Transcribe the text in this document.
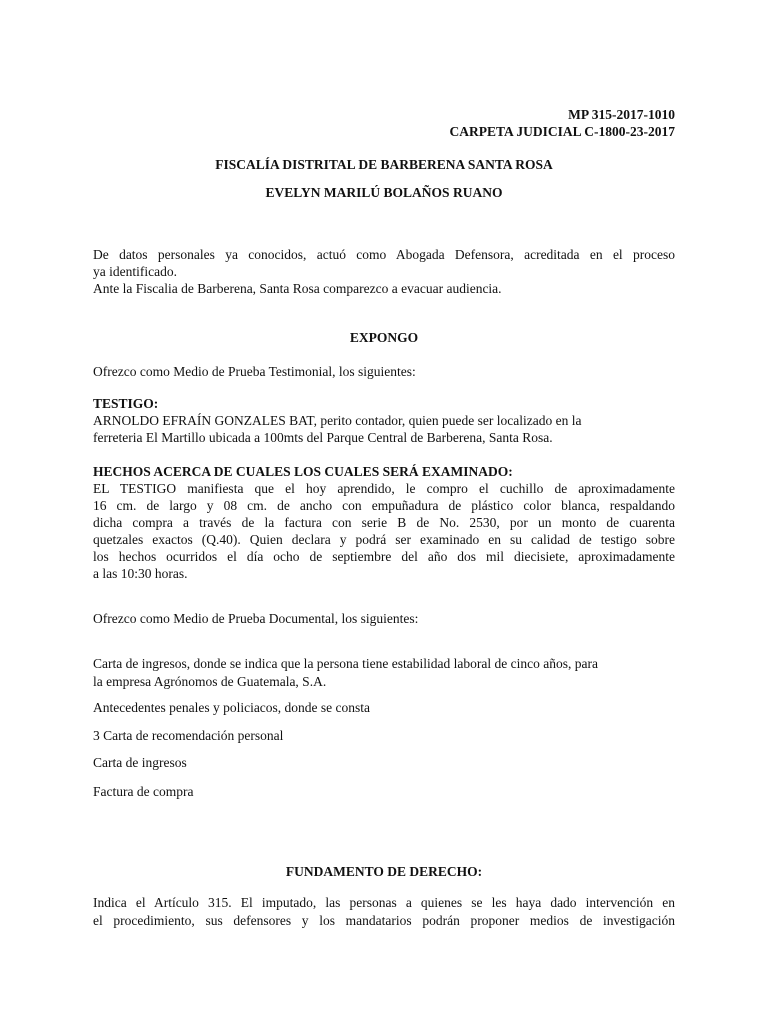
MP 315-2017-1010

CARPETA JUDICIAL C-1800-23-2017

FISCALÍA DISTRITAL DE BARBERENA SANTA ROSA

EVELYN MARILÚ BOLAÑOS RUANO

De datos personales ya conocidos, actuó como Abogada Defensora, acreditada en el proceso
ya identificado.
Ante la Fiscalia de Barberena, Santa Rosa comparezco a evacuar audiencia.

EXPONGO

Ofrezco como Medio de Prueba Testimonial, los siguientes:

TESTIGO:

ARNOLDO EFRAÍN GONZALES BAT, perito contador, quien puede ser localizado en la
ferreteria El Martillo ubicada a 100mts del Parque Central de Barberena, Santa Rosa.

HECHOS ACERCA DE CUALES LOS CUALES SERÁ EXAMINADO:

EL TESTIGO manifiesta que el hoy aprendido, le compro el cuchillo de aproximadamente
16 cm. de largo y 08 cm. de ancho con empuñadura de plástico color blanca, respaldando
dicha compra a través de la factura con serie B de No. 2530, por un monto de cuarenta
quetzales exactos (Q.40). Quien declara y podrá ser examinado en su calidad de testigo sobre
los hechos ocurridos el día ocho de septiembre del año dos mil diecisiete, aproximadamente
a las 10:30 horas.

Ofrezco como Medio de Prueba Documental, los siguientes:

Carta de ingresos, donde se indica que la persona tiene estabilidad laboral de cinco años, para
la empresa Agrónomos de Guatemala, S.A.

Antecedentes penales y policiacos, donde se consta

3 Carta de recomendación personal

Carta de ingresos

Factura de compra

FUNDAMENTO DE DERECHO:

Indica el Artículo 315. El imputado, las personas a quienes se les haya dado intervención en
el procedimiento, sus defensores y los mandatarios podrán proponer medios de investigación
